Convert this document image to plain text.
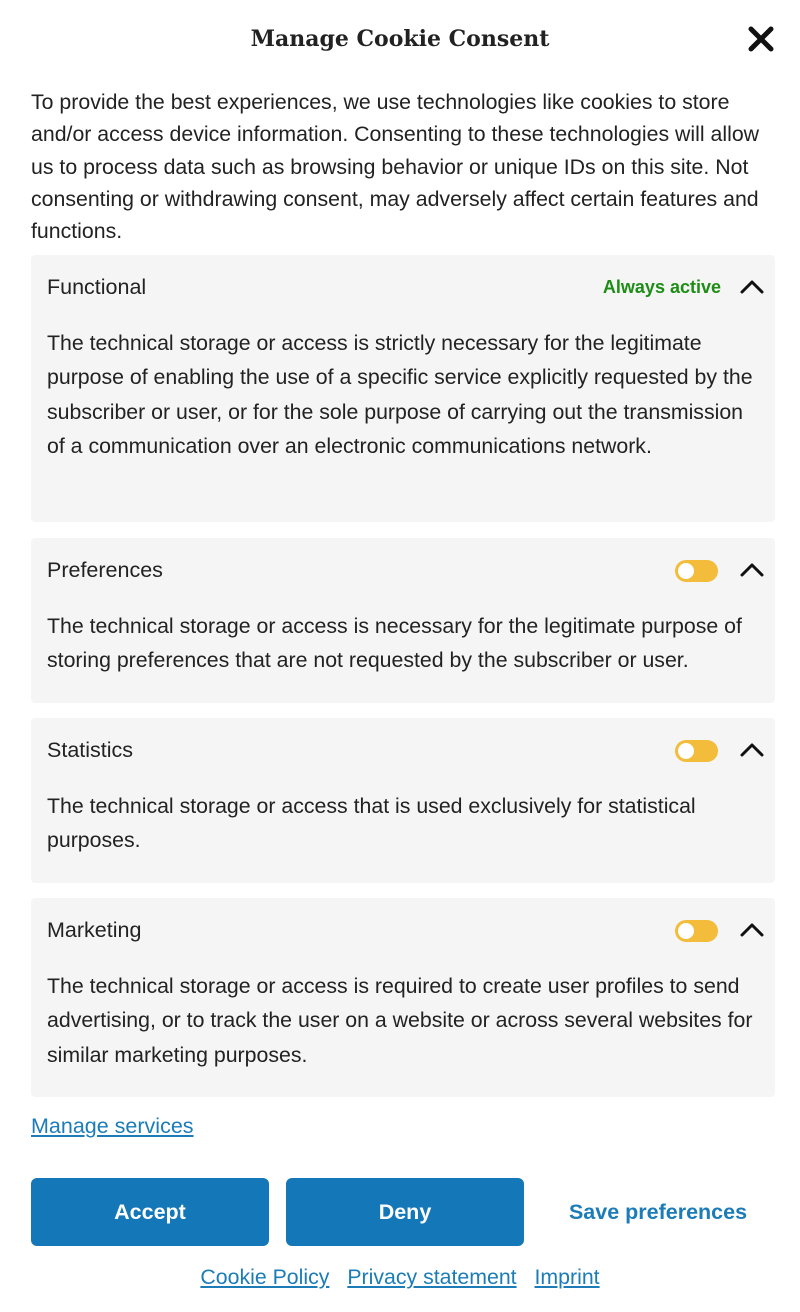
Manage Cookie Consent
To provide the best experiences, we use technologies like cookies to store and/or access device information. Consenting to these technologies will allow us to process data such as browsing behavior or unique IDs on this site. Not consenting or withdrawing consent, may adversely affect certain features and functions.
Functional	Always active
The technical storage or access is strictly necessary for the legitimate purpose of enabling the use of a specific service explicitly requested by the subscriber or user, or for the sole purpose of carrying out the transmission of a communication over an electronic communications network.
Preferences
The technical storage or access is necessary for the legitimate purpose of storing preferences that are not requested by the subscriber or user.
Statistics
The technical storage or access that is used exclusively for statistical purposes.
Marketing
The technical storage or access is required to create user profiles to send advertising, or to track the user on a website or across several websites for similar marketing purposes.
Manage services
Accept	Deny	Save preferences
Cookie Policy Privacy statement Imprint
